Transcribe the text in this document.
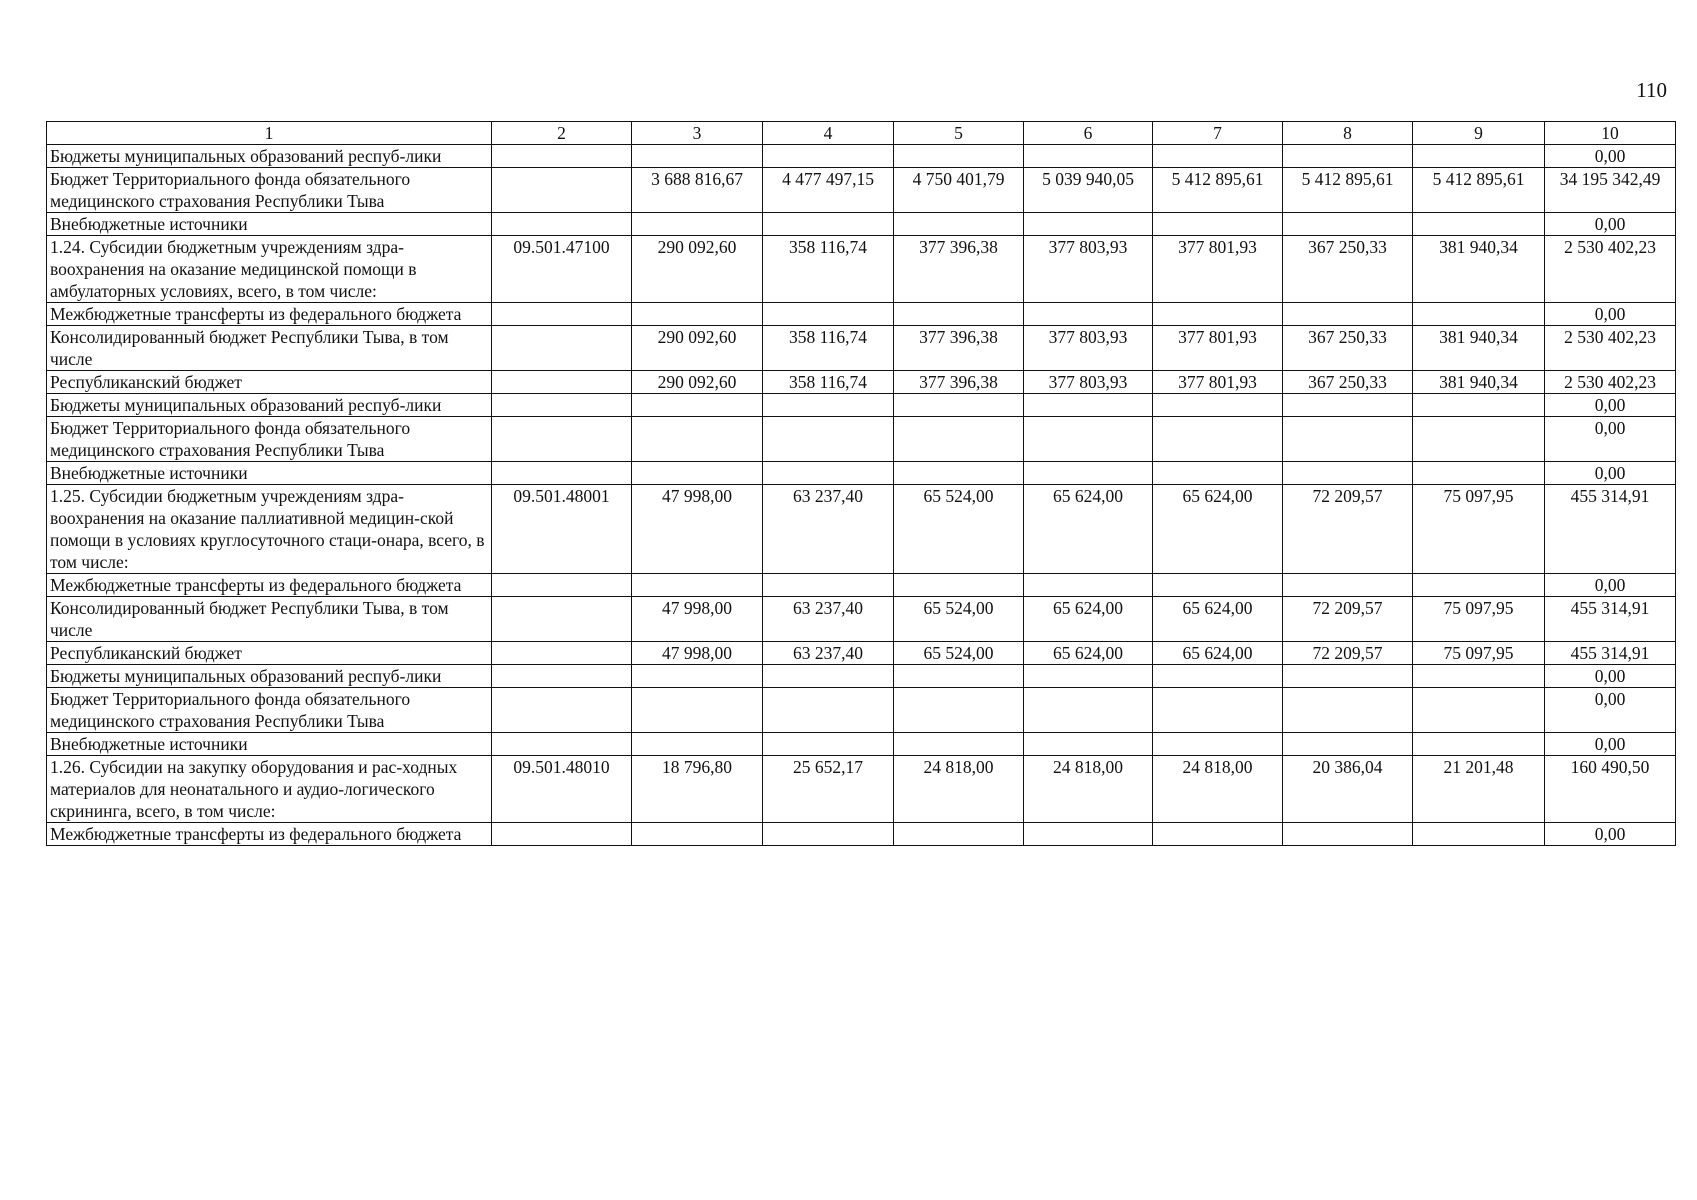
110
1	2	3	4	5	6	7	8	9	10
Бюджеты муниципальных образований респуб-лики									0,00
Бюджет Территориального фонда обязательного медицинского страхования Республики Тыва		3 688 816,67	4 477 497,15	4 750 401,79	5 039 940,05	5 412 895,61	5 412 895,61	5 412 895,61	34 195 342,49
Внебюджетные источники									0,00
1.24. Субсидии бюджетным учреждениям здра-воохранения на оказание медицинской помощи в амбулаторных условиях, всего, в том числе:	09.501.47100	290 092,60	358 116,74	377 396,38	377 803,93	377 801,93	367 250,33	381 940,34	2 530 402,23
Межбюджетные трансферты из федерального бюджета									0,00
Консолидированный бюджет Республики Тыва, в том числе		290 092,60	358 116,74	377 396,38	377 803,93	377 801,93	367 250,33	381 940,34	2 530 402,23
Республиканский бюджет		290 092,60	358 116,74	377 396,38	377 803,93	377 801,93	367 250,33	381 940,34	2 530 402,23
Бюджеты муниципальных образований респуб-лики									0,00
Бюджет Территориального фонда обязательного медицинского страхования Республики Тыва									0,00
Внебюджетные источники									0,00
1.25. Субсидии бюджетным учреждениям здра-воохранения на оказание паллиативной медицин-ской помощи в условиях круглосуточного стаци-онара, всего, в том числе:	09.501.48001	47 998,00	63 237,40	65 524,00	65 624,00	65 624,00	72 209,57	75 097,95	455 314,91
Межбюджетные трансферты из федерального бюджета									0,00
Консолидированный бюджет Республики Тыва, в том числе		47 998,00	63 237,40	65 524,00	65 624,00	65 624,00	72 209,57	75 097,95	455 314,91
Республиканский бюджет		47 998,00	63 237,40	65 524,00	65 624,00	65 624,00	72 209,57	75 097,95	455 314,91
Бюджеты муниципальных образований респуб-лики									0,00
Бюджет Территориального фонда обязательного медицинского страхования Республики Тыва									0,00
Внебюджетные источники									0,00
1.26. Субсидии на закупку оборудования и рас-ходных материалов для неонатального и аудио-логического скрининга, всего, в том числе:	09.501.48010	18 796,80	25 652,17	24 818,00	24 818,00	24 818,00	20 386,04	21 201,48	160 490,50
Межбюджетные трансферты из федерального бюджета									0,00
